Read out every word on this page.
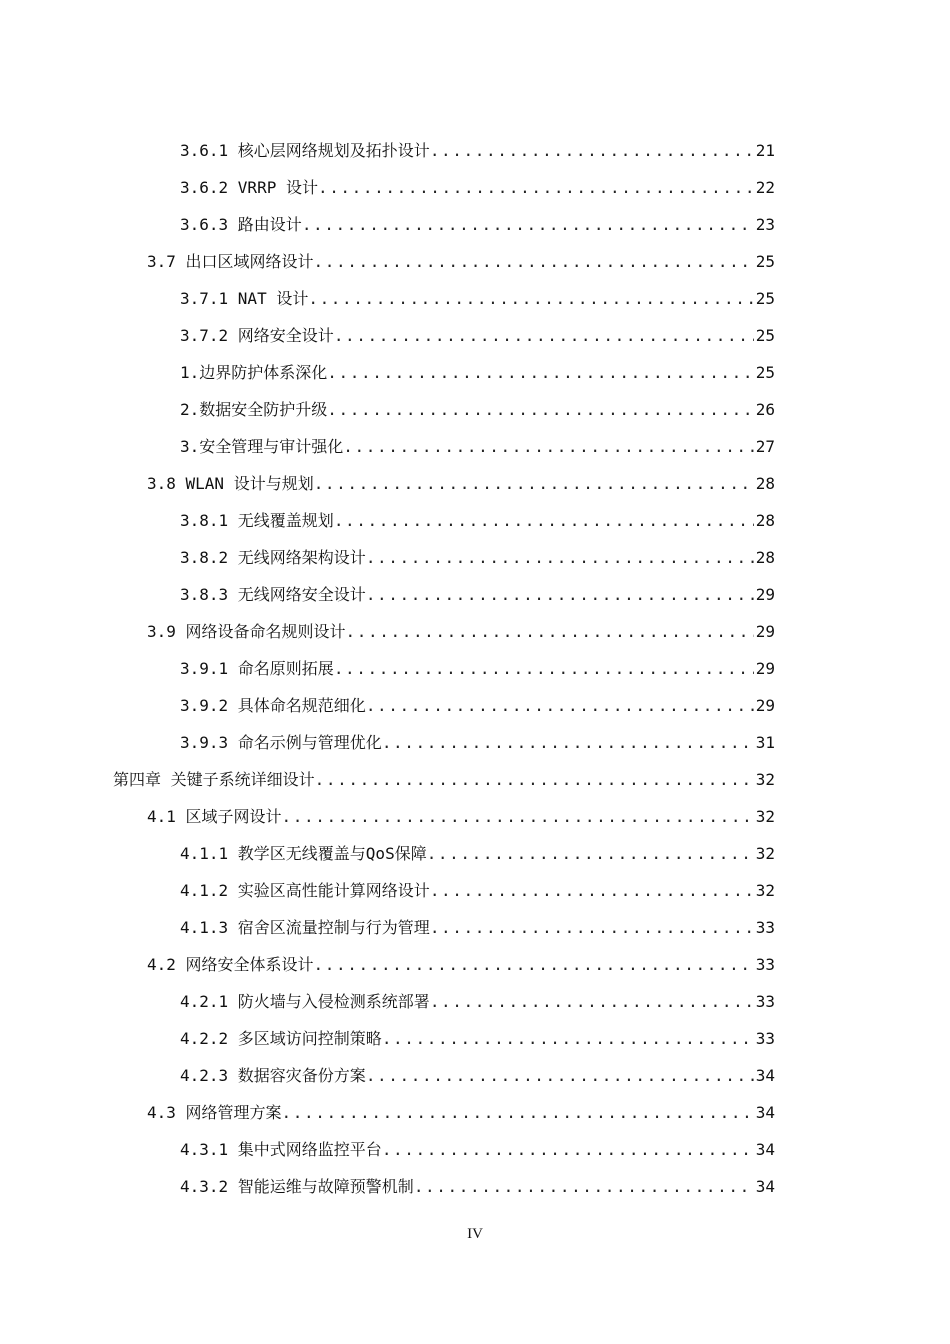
3.6.1 核心层网络规划及拓扑设计 .....	21
3.6.2 VRRP 设计 .....	22
3.6.3 路由设计 .....	23
3.7 出口区域网络设计 .....	25
3.7.1 NAT 设计 .....	25
3.7.2 网络安全设计 .....	25
1.边界防护体系深化 .....	25
2.数据安全防护升级 .....	26
3.安全管理与审计强化 .....	27
3.8 WLAN 设计与规划 .....	28
3.8.1 无线覆盖规划 .....	28
3.8.2 无线网络架构设计 .....	28
3.8.3 无线网络安全设计 .....	29
3.9 网络设备命名规则设计 .....	29
3.9.1 命名原则拓展 .....	29
3.9.2 具体命名规范细化 .....	29
3.9.3 命名示例与管理优化 .....	31
第四章 关键子系统详细设计 .....	32
4.1 区域子网设计 .....	32
4.1.1 教学区无线覆盖与QoS保障 .....	32
4.1.2 实验区高性能计算网络设计 .....	32
4.1.3 宿舍区流量控制与行为管理 .....	33
4.2 网络安全体系设计 .....	33
4.2.1 防火墙与入侵检测系统部署 .....	33
4.2.2 多区域访问控制策略 .....	33
4.2.3 数据容灾备份方案 .....	34
4.3 网络管理方案 .....	34
4.3.1 集中式网络监控平台 .....	34
4.3.2 智能运维与故障预警机制 .....	34
IV
